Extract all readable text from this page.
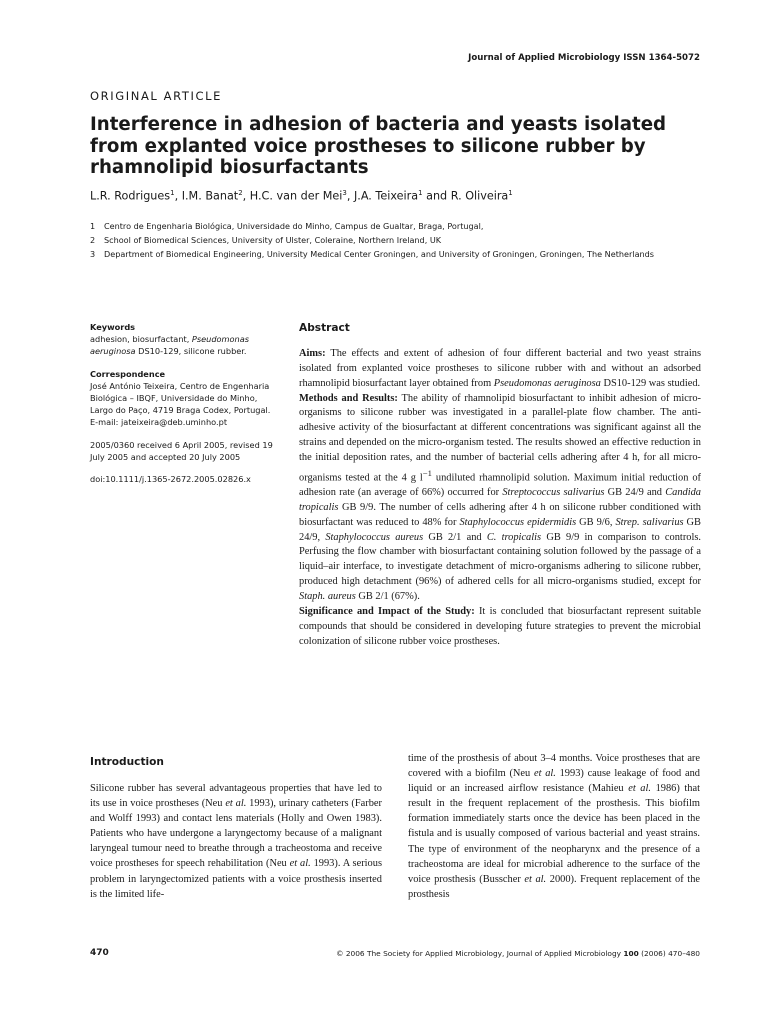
Journal of Applied Microbiology ISSN 1364-5072
ORIGINAL ARTICLE
Interference in adhesion of bacteria and yeasts isolated from explanted voice prostheses to silicone rubber by rhamnolipid biosurfactants
L.R. Rodrigues$^1$, I.M. Banat$^2$, H.C. van der Mei$^3$, J.A. Teixeira$^1$ and R. Oliveira$^1$
1 Centro de Engenharia Biológica, Universidade do Minho, Campus de Gualtar, Braga, Portugal,
2 School of Biomedical Sciences, University of Ulster, Coleraine, Northern Ireland, UK
3 Department of Biomedical Engineering, University Medical Center Groningen, and University of Groningen, Groningen, The Netherlands
Keywords
adhesion, biosurfactant, Pseudomonas aeruginosa DS10-129, silicone rubber.
Correspondence
José António Teixeira, Centro de Engenharia
Biológica – IBQF, Universidade do Minho,
Largo do Paço, 4719 Braga Codex, Portugal.
E-mail: jateixeira@deb.uminho.pt
2005/0360 received 6 April 2005, revised 19
July 2005 and accepted 20 July 2005
doi:10.1111/j.1365-2672.2005.02826.x
Abstract
Aims: The effects and extent of adhesion of four different bacterial and two yeast strains isolated from explanted voice prostheses to silicone rubber with and without an adsorbed rhamnolipid biosurfactant layer obtained from Pseudomonas aeruginosa DS10-129 was studied.
Methods and Results: The ability of rhamnolipid biosurfactant to inhibit adhesion of micro-organisms to silicone rubber was investigated in a parallel-plate flow chamber. The anti-adhesive activity of the biosurfactant at different concentrations was significant against all the strains and depended on the micro-organism tested. The results showed an effective reduction in the initial deposition rates, and the number of bacterial cells adhering after 4 h, for all micro-organisms tested at the 4 g $l^{-1}$ undiluted rhamnolipid solution. Maximum initial reduction of adhesion rate (an average of 66%) occurred for Streptococcus salivarius GB 24/9 and Candida tropicalis GB 9/9. The number of cells adhering after 4 h on silicone rubber conditioned with biosurfactant was reduced to 48% for Staphylococcus epidermidis GB 9/6, Strep. salivarius GB 24/9, Staphylococcus aureus GB 2/1 and C. tropicalis GB 9/9 in comparison to controls. Perfusing the flow chamber with biosurfactant containing solution followed by the passage of a liquid–air interface, to investigate detachment of micro-organisms adhering to silicone rubber, produced high detachment (96%) of adhered cells for all micro-organisms studied, except for Staph. aureus GB 2/1 (67%).
Significance and Impact of the Study: It is concluded that biosurfactant represent suitable compounds that should be considered in developing future strategies to prevent the microbial colonization of silicone rubber voice prostheses.
Introduction
Silicone rubber has several advantageous properties that have led to its use in voice prostheses (Neu et al. 1993), urinary catheters (Farber and Wolff 1993) and contact lens materials (Holly and Owen 1983). Patients who have undergone a laryngectomy because of a malignant laryngeal tumour need to breathe through a tracheostoma and receive voice prostheses for speech rehabilitation (Neu et al. 1993). A serious problem in laryngectomized patients with a voice prosthesis inserted is the limited life-
time of the prosthesis of about 3–4 months. Voice prostheses that are covered with a biofilm (Neu et al. 1993) cause leakage of food and liquid or an increased airflow resistance (Mahieu et al. 1986) that result in the frequent replacement of the prosthesis. This biofilm formation immediately starts once the device has been placed in the fistula and is usually composed of various bacterial and yeast strains. The type of environment of the neopharynx and the presence of a tracheostoma are ideal for microbial adherence to the surface of the voice prosthesis (Busscher et al. 2000). Frequent replacement of the prosthesis
470	© 2006 The Society for Applied Microbiology, Journal of Applied Microbiology 100 (2006) 470–480
